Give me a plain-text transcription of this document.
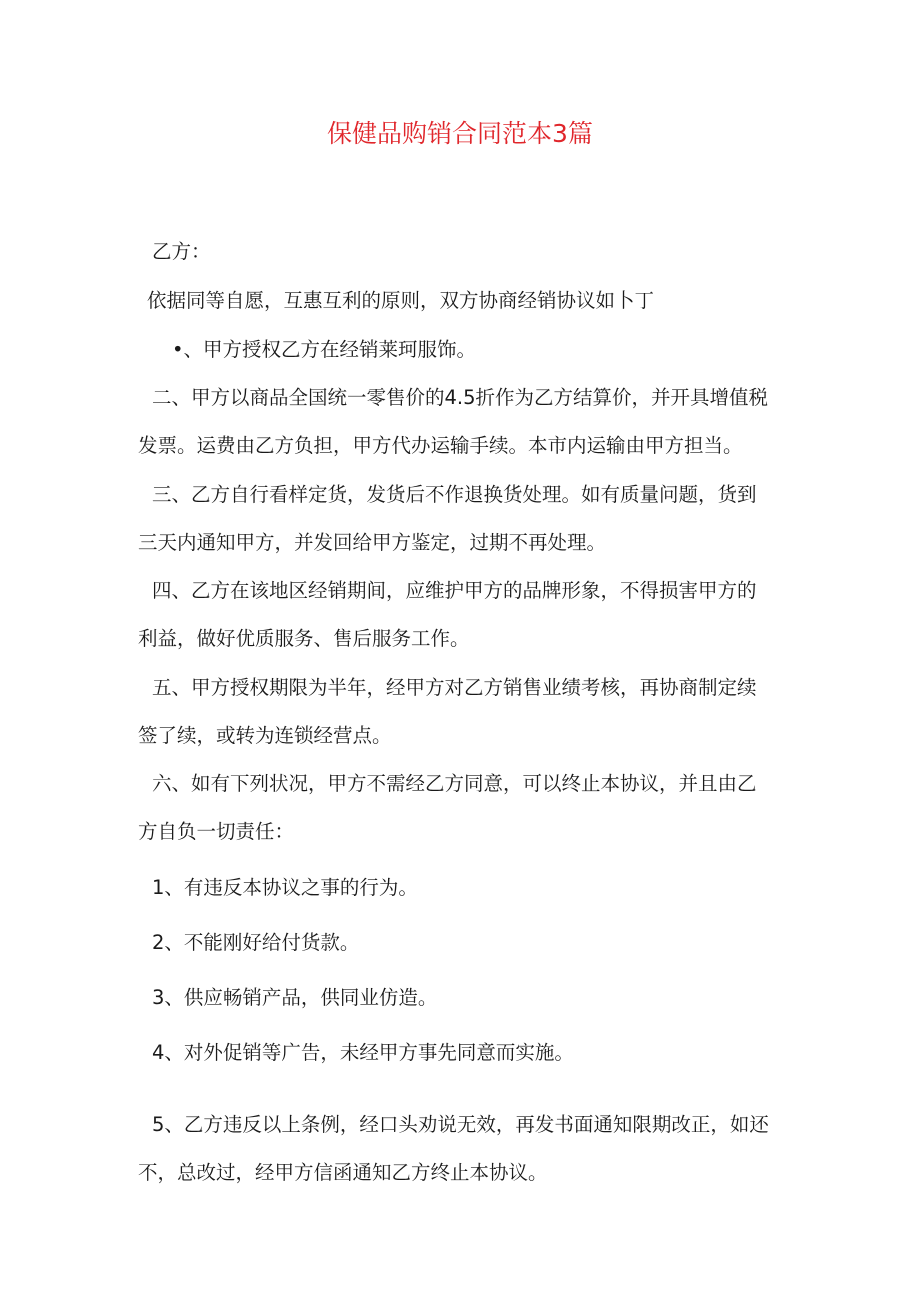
保健品购销合同范本3篇

乙方：

依据同等自愿，互惠互利的原则，双方协商经销协议如卜丁

•、甲方授权乙方在经销莱珂服饰。

二、甲方以商品全国统一零售价的4.5折作为乙方结算价，并开具增值税

发票。运费由乙方负担，甲方代办运输手续。本市内运输由甲方担当。

三、乙方自行看样定货，发货后不作退换货处理。如有质量问题，货到

三天内通知甲方，并发回给甲方鉴定，过期不再处理。

四、乙方在该地区经销期间，应维护甲方的品牌形象，不得损害甲方的

利益，做好优质服务、售后服务工作。

五、甲方授权期限为半年，经甲方对乙方销售业绩考核，再协商制定续

签了续，或转为连锁经营点。

六、如有下列状况，甲方不需经乙方同意，可以终止本协议，并且由乙

方自负一切责任：

1、有违反本协议之事的行为。

2、不能刚好给付货款。

3、供应畅销产品，供同业仿造。

4、对外促销等广告，未经甲方事先同意而实施。

5、乙方违反以上条例，经口头劝说无效，再发书面通知限期改正，如还

不，总改过，经甲方信函通知乙方终止本协议。
